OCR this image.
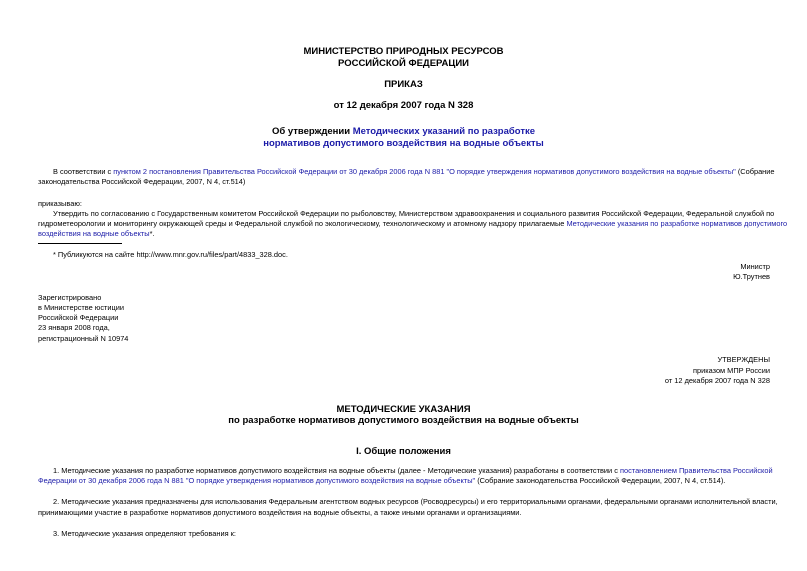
МИНИСТЕРСТВО ПРИРОДНЫХ РЕСУРСОВ
РОССИЙСКОЙ ФЕДЕРАЦИИ
ПРИКАЗ
от 12 декабря 2007 года N 328
Об утверждении Методических указаний по разработке
нормативов допустимого воздействия на водные объекты
В соответствии с пунктом 2 постановления Правительства Российской Федерации от 30 декабря 2006 года N 881 "О порядке утверждения нормативов допустимого воздействия на водные объекты" (Собрание
законодательства Российской Федерации, 2007, N 4, ст.514)
приказываю:
Утвердить по согласованию с Государственным комитетом Российской Федерации по рыболовству, Министерством здравоохранения и социального развития Российской Федерации, Федеральной службой по
гидрометеорологии и мониторингу окружающей среды и Федеральной службой по экологическому, технологическому и атомному надзору прилагаемые Методические указания по разработке нормативов допустимого
воздействия на водные объекты*.
* Публикуются на сайте http://www.mnr.gov.ru/files/part/4833_328.doc.
Министр
Ю.Трутнев
Зарегистрировано
в Министерстве юстиции
Российской Федерации
23 января 2008 года,
регистрационный N 10974
УТВЕРЖДЕНЫ
приказом МПР России
от 12 декабря 2007 года N 328
МЕТОДИЧЕСКИЕ УКАЗАНИЯ
по разработке нормативов допустимого воздействия на водные объекты
I. Общие положения
1. Методические указания по разработке нормативов допустимого воздействия на водные объекты (далее - Методические указания) разработаны в соответствии с постановлением Правительства Российской
Федерации от 30 декабря 2006 года N 881 "О порядке утверждения нормативов допустимого воздействия на водные объекты" (Собрание законодательства Российской Федерации, 2007, N 4, ст.514).
2. Методические указания предназначены для использования Федеральным агентством водных ресурсов (Росводресурсы) и его территориальными органами, федеральными органами исполнительной власти,
принимающими участие в разработке нормативов допустимого воздействия на водные объекты, а также иными органами и организациями.
3. Методические указания определяют требования к:
